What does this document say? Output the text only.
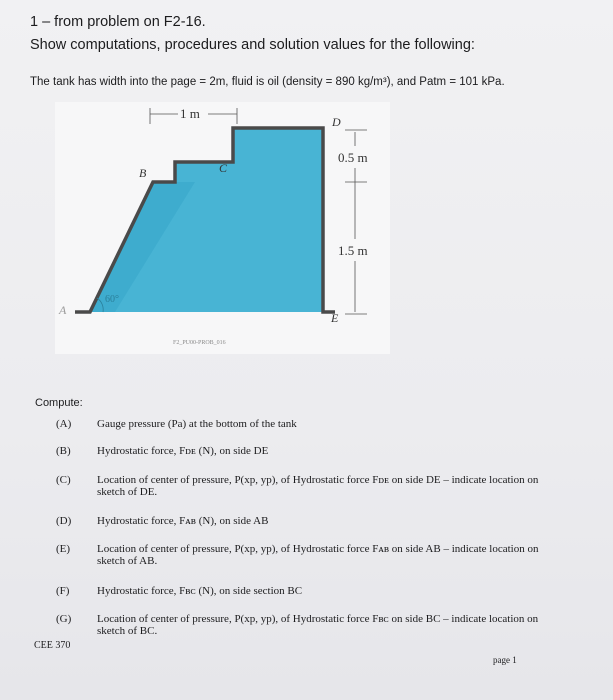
1 – from problem on F2-16.
Show computations, procedures and solution values for the following:
The tank has width into the page = 2m, fluid is oil (density = 890 kg/m³), and Patm = 101 kPa.
1 m
0.5 m
1.5 m
D
B	C
E
A
60°
F2_PU00-PROB_016
Compute:
(A)	Gauge pressure (Pa) at the bottom of the tank
(B)	Hydrostatic force, Fᴅᴇ (N), on side DE
(C)	Location of center of pressure, P(xp, yp), of Hydrostatic force Fᴅᴇ on side DE – indicate location on sketch of DE.
(D)	Hydrostatic force, Fᴀʙ (N), on side AB
(E)	Location of center of pressure, P(xp, yp), of Hydrostatic force Fᴀʙ on side AB – indicate location on sketch of AB.
(F)	Hydrostatic force, Fʙᴄ (N), on side section BC
(G)	Location of center of pressure, P(xp, yp), of Hydrostatic force Fʙᴄ on side BC – indicate location on sketch of BC.
CEE 370
page 1
